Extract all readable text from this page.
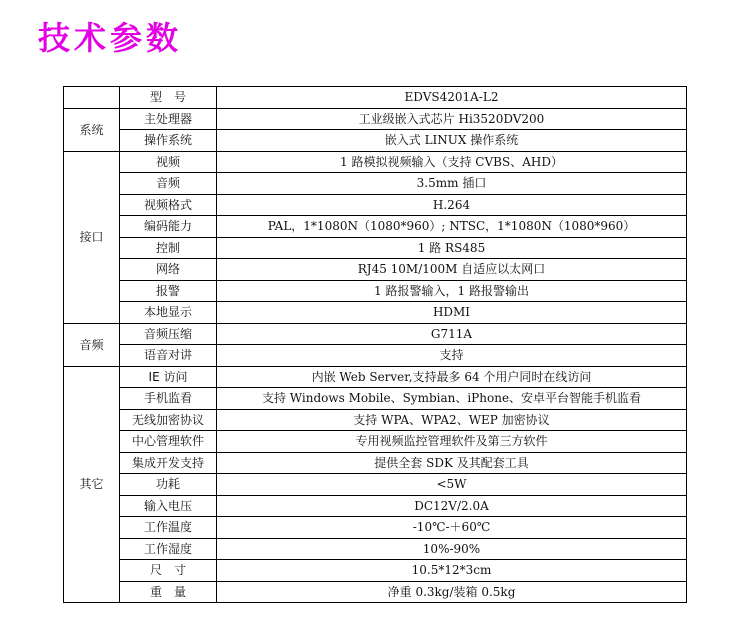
技术参数
	型　号	EDVS4201A-L2
系统	主处理器	工业级嵌入式芯片 Hi3520DV200
	操作系统	嵌入式 LINUX 操作系统
接口	视频	1 路模拟视频输入（支持 CVBS、AHD）
	音频	3.5mm 插口
	视频格式	H.264
	编码能力	PAL，1*1080N（1080*960）; NTSC，1*1080N（1080*960）
	控制	1 路 RS485
	网络	RJ45 10M/100M 自适应以太网口
	报警	1 路报警输入，1 路报警输出
	本地显示	HDMI
音频	音频压缩	G711A
	语音对讲	支持
其它	IE 访问	内嵌 Web Server,支持最多 64 个用户同时在线访问
	手机监看	支持 Windows Mobile、Symbian、iPhone、安卓平台智能手机监看
	无线加密协议	支持 WPA、WPA2、WEP 加密协议
	中心管理软件	专用视频监控管理软件及第三方软件
	集成开发支持	提供全套 SDK 及其配套工具
	功耗	<5W
	输入电压	DC12V/2.0A
	工作温度	-10℃-＋60℃
	工作湿度	10%-90%
	尺　寸	10.5*12*3cm
	重　量	净重 0.3kg/装箱 0.5kg
